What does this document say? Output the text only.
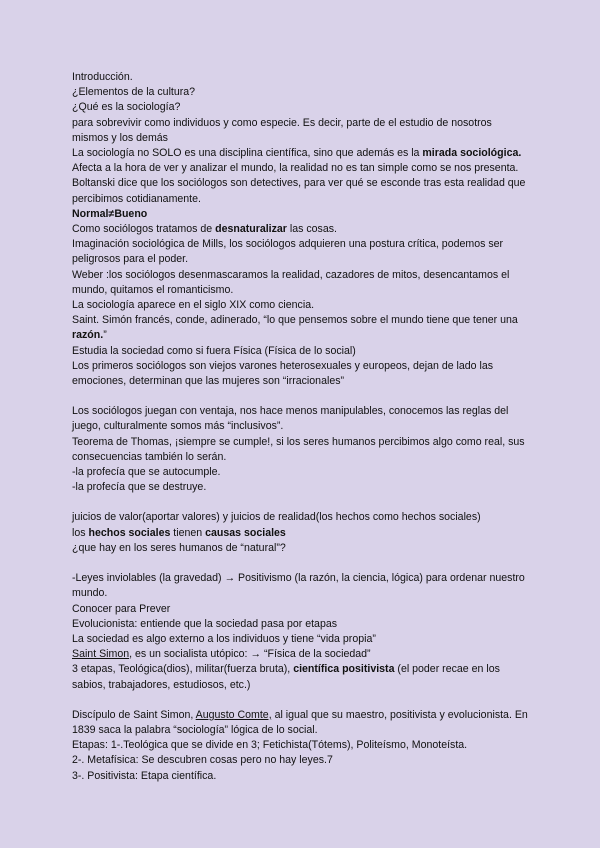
Introducción.

¿Elementos de la cultura?

¿Qué es la sociología?

para sobrevivir como individuos y como especie. Es decir, parte de el estudio de nosotros mismos y los demás

La sociología no SOLO es una disciplina científica, sino que además es la mirada sociológica. Afecta a la hora de ver y analizar el mundo, la realidad no es tan simple como se nos presenta. Boltanski dice que los sociólogos son detectives, para ver qué se esconde tras esta realidad que percibimos cotidianamente.

Normal≠Bueno

Como sociólogos tratamos de desnaturalizar las cosas.

Imaginación sociológica de Mills, los sociólogos adquieren una postura crítica, podemos ser peligrosos para el poder.

Weber :los sociólogos desenmascaramos la realidad, cazadores de mitos, desencantamos el mundo, quitamos el romanticismo.

La sociología aparece en el siglo XIX como ciencia.

Saint. Simón francés, conde, adinerado, “lo que pensemos sobre el mundo tiene que tener una razón.”

Estudia la sociedad como si fuera Física (Física de lo social)

Los primeros sociólogos son viejos varones heterosexuales y europeos, dejan de lado las emociones, determinan que las mujeres son “irracionales”

Los sociólogos juegan con ventaja, nos hace menos manipulables, conocemos las reglas del juego, culturalmente somos más “inclusivos”.

Teorema de Thomas, ¡siempre se cumple!, si los seres humanos percibimos algo como real, sus consecuencias también lo serán.

-la profecía que se autocumple.

-la profecía que se destruye.

juicios de valor(aportar valores) y juicios de realidad(los hechos como hechos sociales)

los hechos sociales tienen causas sociales

¿que hay en los seres humanos de “natural”?

-Leyes inviolables (la gravedad) → Positivismo (la razón, la ciencia, lógica) para ordenar nuestro mundo.

Conocer para Prever

Evolucionista: entiende que la sociedad pasa por etapas

La sociedad es algo externo a los individuos y tiene “vida propia”

Saint Simon, es un socialista utópico: → “Física de la sociedad”

3 etapas, Teológica(dios), militar(fuerza bruta), científica positivista (el poder recae en los sabios, trabajadores, estudiosos, etc.)

Discípulo de Saint Simon, Augusto Comte, al igual que su maestro, positivista y evolucionista. En 1839 saca la palabra “sociología” lógica de lo social.

Etapas: 1-.Teológica que se divide en 3; Fetichista(Tótems), Politeísmo, Monoteísta.

2-. Metafísica: Se descubren cosas pero no hay leyes.7

3-. Positivista: Etapa científica.
